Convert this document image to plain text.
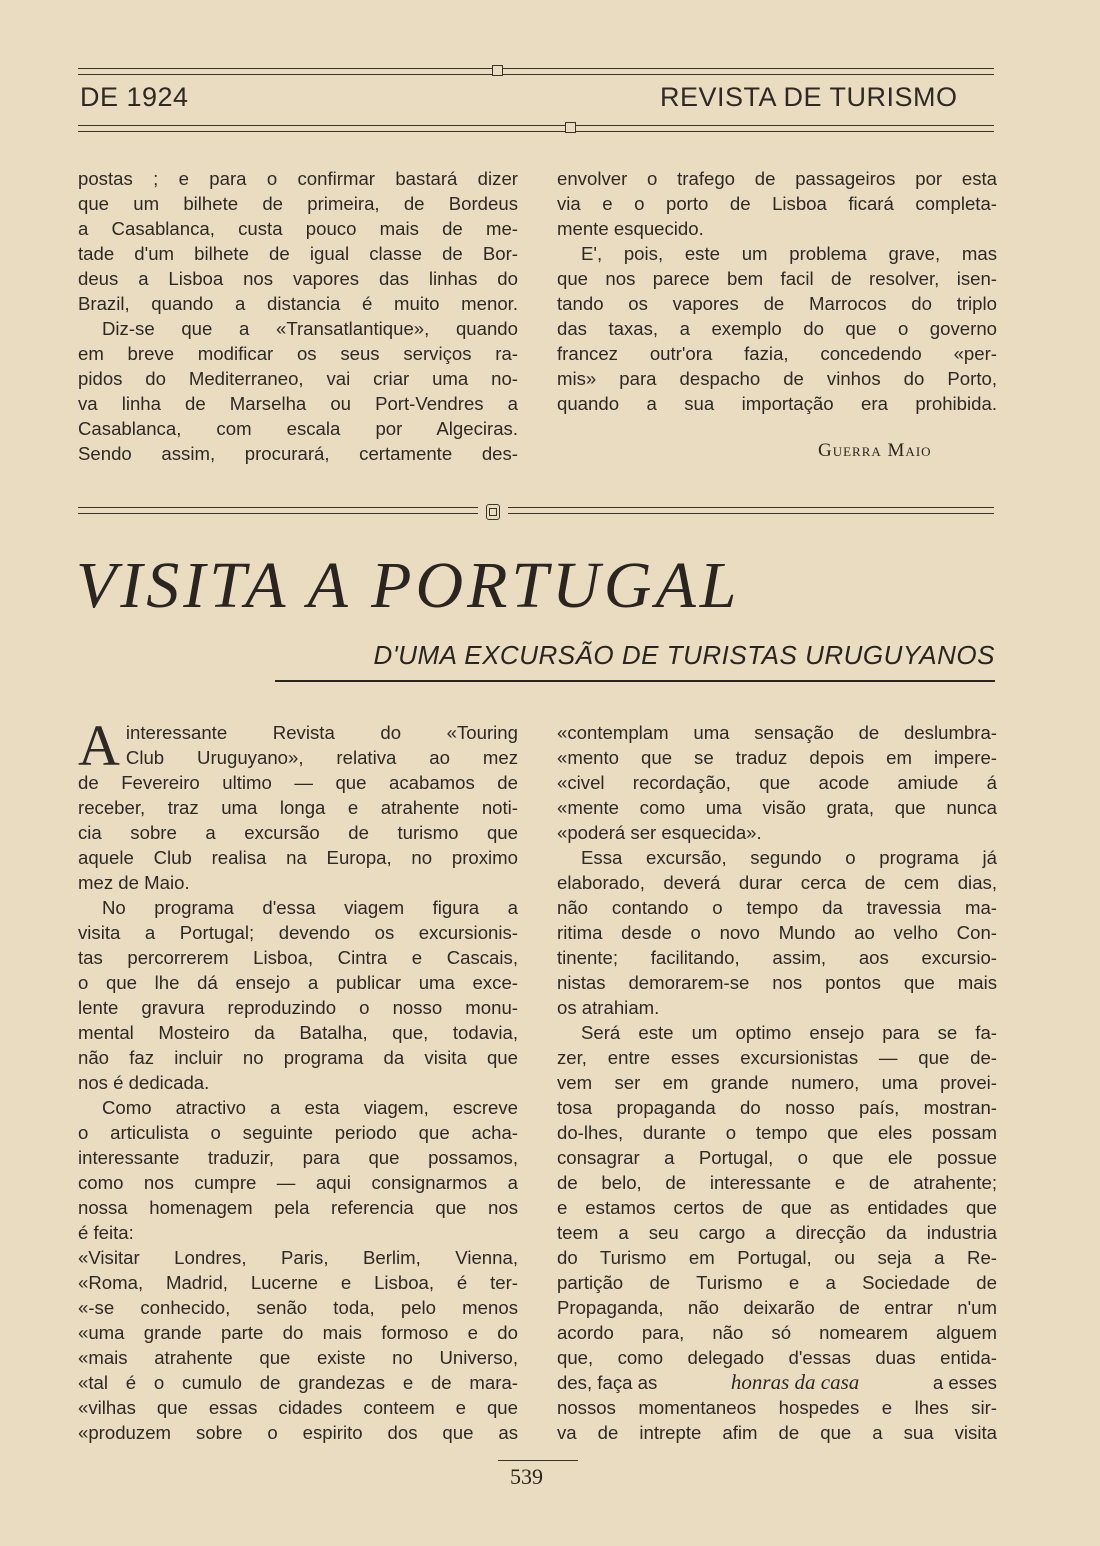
DE 1924	REVISTA DE TURISMO
postas ; e para o confirmar bastará dizer
que um bilhete de primeira, de Bordeus
a Casablanca, custa pouco mais de me-
tade d'um bilhete de igual classe de Bor-
deus a Lisboa nos vapores das linhas do
Brazil, quando a distancia é muito menor.
Diz-se que a «Transatlantique», quando
em breve modificar os seus serviços ra-
pidos do Mediterraneo, vai criar uma no-
va linha de Marselha ou Port-Vendres a
Casablanca, com escala por Algeciras.
Sendo assim, procurará, certamente des-
envolver o trafego de passageiros por esta
via e o porto de Lisboa ficará completa-
mente esquecido.
E', pois, este um problema grave, mas
que nos parece bem facil de resolver, isen-
tando os vapores de Marrocos do triplo
das taxas, a exemplo do que o governo
francez outr'ora fazia, concedendo «per-
mis» para despacho de vinhos do Porto,
quando a sua importação era prohibida.
Guerra Maio
VISITA A PORTUGAL
D'UMA EXCURSÃO DE TURISTAS URUGUYANOS
A interessante Revista do «Touring
Club Uruguyano», relativa ao mez
de Fevereiro ultimo — que acabamos de
receber, traz uma longa e atrahente noti-
cia sobre a excursão de turismo que
aquele Club realisa na Europa, no proximo
mez de Maio.
No programa d'essa viagem figura a
visita a Portugal; devendo os excursionis-
tas percorrerem Lisboa, Cintra e Cascais,
o que lhe dá ensejo a publicar uma exce-
lente gravura reproduzindo o nosso monu-
mental Mosteiro da Batalha, que, todavia,
não faz incluir no programa da visita que
nos é dedicada.
Como atractivo a esta viagem, escreve
o articulista o seguinte periodo que acha-
interessante traduzir, para que possamos,
como nos cumpre — aqui consignarmos a
nossa homenagem pela referencia que nos
é feita:
«Visitar Londres, Paris, Berlim, Vienna,
«Roma, Madrid, Lucerne e Lisboa, é ter-
«-se conhecido, senão toda, pelo menos
«uma grande parte do mais formoso e do
«mais atrahente que existe no Universo,
«tal é o cumulo de grandezas e de mara-
«vilhas que essas cidades conteem e que
«produzem sobre o espirito dos que as
«contemplam uma sensação de deslumbra-
«mento que se traduz depois em impere-
«civel recordação, que acode amiude á
«mente como uma visão grata, que nunca
«poderá ser esquecida».
Essa excursão, segundo o programa já
elaborado, deverá durar cerca de cem dias,
não contando o tempo da travessia ma-
ritima desde o novo Mundo ao velho Con-
tinente; facilitando, assim, aos excursio-
nistas demorarem-se nos pontos que mais
os atrahiam.
Será este um optimo ensejo para se fa-
zer, entre esses excursionistas — que de-
vem ser em grande numero, uma provei-
tosa propaganda do nosso país, mostran-
do-lhes, durante o tempo que eles possam
consagrar a Portugal, o que ele possue
de belo, de interessante e de atrahente;
e estamos certos de que as entidades que
teem a seu cargo a direcção da industria
do Turismo em Portugal, ou seja a Re-
partição de Turismo e a Sociedade de
Propaganda, não deixarão de entrar n'um
acordo para, não só nomearem alguem
que, como delegado d'essas duas entida-
des, faça as	honras da casa	a esses
nossos momentaneos hospedes e lhes sir-
va de intrepte afim de que a sua visita
539
